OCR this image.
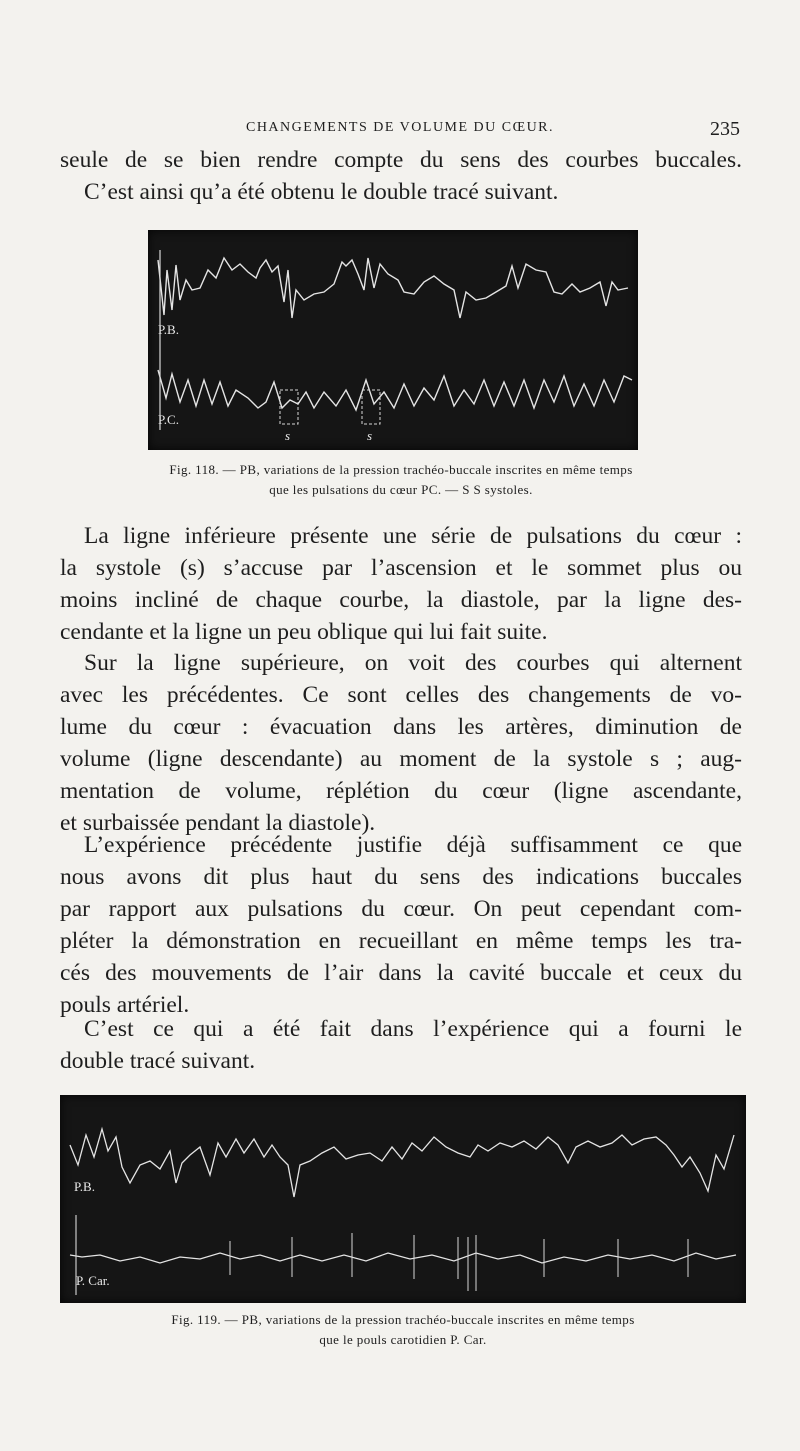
CHANGEMENTS DE VOLUME DU CŒUR.	235
seule de se bien rendre compte du sens des courbes buccales.
C’est ainsi qu’a été obtenu le double tracé suivant.
P.B.
P.C.
s	s
Fig. 118. — PB, variations de la pression trachéo-buccale inscrites en même temps
que les pulsations du cœur PC. — S S systoles.
La ligne inférieure présente une série de pulsations du cœur :
la systole (s) s’accuse par l’ascension et le sommet plus ou
moins incliné de chaque courbe, la diastole, par la ligne des-
cendante et la ligne un peu oblique qui lui fait suite.
Sur la ligne supérieure, on voit des courbes qui alternent
avec les précédentes. Ce sont celles des changements de vo-
lume du cœur : évacuation dans les artères, diminution de
volume (ligne descendante) au moment de la systole s ; aug-
mentation de volume, réplétion du cœur (ligne ascendante,
et surbaissée pendant la diastole).
L’expérience précédente justifie déjà suffisamment ce que
nous avons dit plus haut du sens des indications buccales
par rapport aux pulsations du cœur. On peut cependant com-
pléter la démonstration en recueillant en même temps les tra-
cés des mouvements de l’air dans la cavité buccale et ceux du
pouls artériel.
C’est ce qui a été fait dans l’expérience qui a fourni le
double tracé suivant.
P.B.
P. Car.
Fig. 119. — PB, variations de la pression trachéo-buccale inscrites en même temps
que le pouls carotidien P. Car.
